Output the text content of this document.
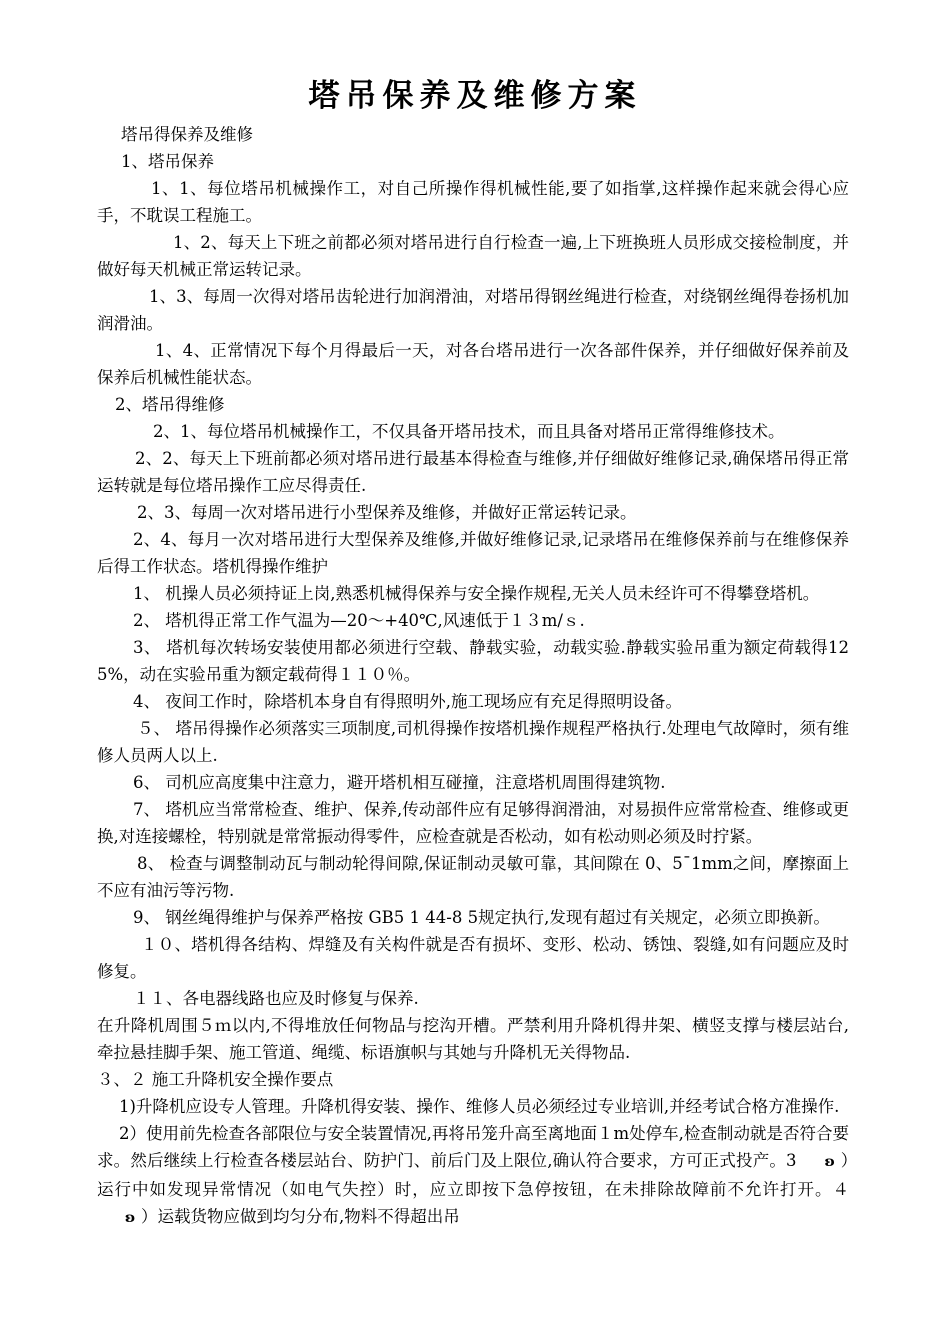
塔吊保养及维修方案

塔吊得保养及维修

1、塔吊保养

1、1、每位塔吊机械操作工，对自己所操作得机械性能,要了如指掌,这样操作起来就会得心应手，不耽误工程施工。

1、2、每天上下班之前都必须对塔吊进行自行检查一遍,上下班换班人员形成交接检制度，并做好每天机械正常运转记录。

1、3、每周一次得对塔吊齿轮进行加润滑油，对塔吊得钢丝绳进行检查，对绕钢丝绳得卷扬机加润滑油。

1、4、正常情况下每个月得最后一天，对各台塔吊进行一次各部件保养，并仔细做好保养前及保养后机械性能状态。

2、塔吊得维修

2、1、每位塔吊机械操作工，不仅具备开塔吊技术，而且具备对塔吊正常得维修技术。

2、2、每天上下班前都必须对塔吊进行最基本得检查与维修,并仔细做好维修记录,确保塔吊得正常运转就是每位塔吊操作工应尽得责任.

2、3、每周一次对塔吊进行小型保养及维修，并做好正常运转记录。

2、4、每月一次对塔吊进行大型保养及维修,并做好维修记录,记录塔吊在维修保养前与在维修保养后得工作状态。塔机得操作维护

1、 机操人员必须持证上岗,熟悉机械得保养与安全操作规程,无关人员未经许可不得攀登塔机。

2、 塔机得正常工作气温为—20～+40℃,风速低于１３m/ｓ.

3、 塔机每次转场安装使用都必须进行空载、静载实验，动载实验.静载实验吊重为额定荷载得125%，动在实验吊重为额定载荷得１１０％。

4、 夜间工作时，除塔机本身自有得照明外,施工现场应有充足得照明设备。

５、 塔吊得操作必须落实三项制度,司机得操作按塔机操作规程严格执行.处理电气故障时，须有维修人员两人以上.

6、 司机应高度集中注意力，避开塔机相互碰撞，注意塔机周围得建筑物.

7、 塔机应当常常检查、维护、保养,传动部件应有足够得润滑油，对易损件应常常检查、维修或更换,对连接螺栓，特别就是常常振动得零件，应检查就是否松动，如有松动则必须及时拧紧。

8、 检查与调整制动瓦与制动轮得间隙,保证制动灵敏可靠，其间隙在 0、5¯1mm之间，摩擦面上不应有油污等污物.

9、 钢丝绳得维护与保养严格按 GB5 1 44-8 5规定执行,发现有超过有关规定，必须立即换新。

１０、塔机得各结构、焊缝及有关构件就是否有损坏、变形、松动、锈蚀、裂缝,如有问题应及时修复。

１１、各电器线路也应及时修复与保养.

在升降机周围５ｍ以内,不得堆放任何物品与挖沟开槽。严禁利用升降机得井架、横竖支撑与楼层站台,牵拉悬挂脚手架、施工管道、绳缆、标语旗帜与其她与升降机无关得物品.

３、２ 施工升降机安全操作要点

1)升降机应设专人管理。升降机得安装、操作、维修人员必须经过专业培训,并经考试合格方准操作.

2）使用前先检查各部限位与安全装置情况,再将吊笼升高至离地面１m处停车,检查制动就是否符合要求。然后继续上行检查各楼层站台、防护门、前后门及上限位,确认符合要求，方可正式投产。3 ʚ ）运行中如发现异常情况（如电气失控）时，应立即按下急停按钮，在未排除故障前不允许打开。４ʚ ）运载货物应做到均匀分布,物料不得超出吊
